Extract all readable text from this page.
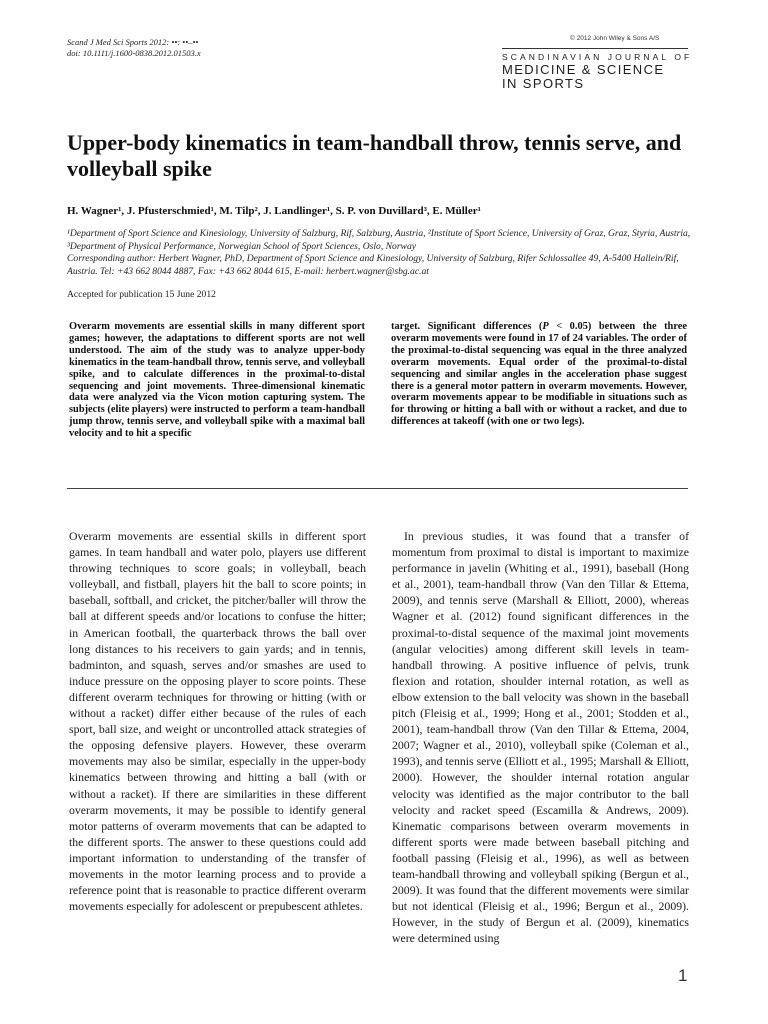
Scand J Med Sci Sports 2012: ••: ••–••
doi: 10.1111/j.1600-0838.2012.01503.x
© 2012 John Wiley & Sons A/S
SCANDINAVIAN JOURNAL OF
MEDICINE & SCIENCE
IN SPORTS
Upper-body kinematics in team-handball throw, tennis serve, and volleyball spike
H. Wagner¹, J. Pfusterschmied¹, M. Tilp², J. Landlinger¹, S. P. von Duvillard³, E. Müller¹

¹Department of Sport Science and Kinesiology, University of Salzburg, Rif, Salzburg, Austria, ²Institute of Sport Science, University of Graz, Graz, Styria, Austria, ³Department of Physical Performance, Norwegian School of Sport Sciences, Oslo, Norway

Corresponding author: Herbert Wagner, PhD, Department of Sport Science and Kinesiology, University of Salzburg, Rifer Schlossallee 49, A-5400 Hallein/Rif, Austria. Tel: +43 662 8044 4887, Fax: +43 662 8044 615, E-mail: herbert.wagner@sbg.ac.at

Accepted for publication 15 June 2012
Overarm movements are essential skills in many different sport games; however, the adaptations to different sports are not well understood. The aim of the study was to analyze upper-body kinematics in the team-handball throw, tennis serve, and volleyball spike, and to calculate differences in the proximal-to-distal sequencing and joint movements. Three-dimensional kinematic data were analyzed via the Vicon motion capturing system. The subjects (elite players) were instructed to perform a team-handball jump throw, tennis serve, and volleyball spike with a maximal ball velocity and to hit a specific
target. Significant differences (P < 0.05) between the three overarm movements were found in 17 of 24 variables. The order of the proximal-to-distal sequencing was equal in the three analyzed overarm movements. Equal order of the proximal-to-distal sequencing and similar angles in the acceleration phase suggest there is a general motor pattern in overarm movements. However, overarm movements appear to be modifiable in situations such as for throwing or hitting a ball with or without a racket, and due to differences at takeoff (with one or two legs).

Overarm movements are essential skills in different sport games. In team handball and water polo, players use different throwing techniques to score goals; in volleyball, beach volleyball, and fistball, players hit the ball to score points; in baseball, softball, and cricket, the pitcher/baller will throw the ball at different speeds and/or locations to confuse the hitter; in American football, the quarterback throws the ball over long distances to his receivers to gain yards; and in tennis, badminton, and squash, serves and/or smashes are used to induce pressure on the opposing player to score points. These different overarm techniques for throwing or hitting (with or without a racket) differ either because of the rules of each sport, ball size, and weight or uncontrolled attack strategies of the opposing defensive players. However, these overarm movements may also be similar, especially in the upper-body kinematics between throwing and hitting a ball (with or without a racket). If there are similarities in these different overarm movements, it may be possible to identify general motor patterns of overarm movements that can be adapted to the different sports. The answer to these questions could add important information to understanding of the transfer of movements in the motor learning process and to provide a reference point that is reasonable to practice different overarm movements especially for adolescent or prepubescent athletes.

In previous studies, it was found that a transfer of momentum from proximal to distal is important to maximize performance in javelin (Whiting et al., 1991), baseball (Hong et al., 2001), team-handball throw (Van den Tillar & Ettema, 2009), and tennis serve (Marshall & Elliott, 2000), whereas Wagner et al. (2012) found significant differences in the proximal-to-distal sequence of the maximal joint movements (angular velocities) among different skill levels in team-handball throwing. A positive influence of pelvis, trunk flexion and rotation, shoulder internal rotation, as well as elbow extension to the ball velocity was shown in the baseball pitch (Fleisig et al., 1999; Hong et al., 2001; Stodden et al., 2001), team-handball throw (Van den Tillar & Ettema, 2004, 2007; Wagner et al., 2010), volleyball spike (Coleman et al., 1993), and tennis serve (Elliott et al., 1995; Marshall & Elliott, 2000). However, the shoulder internal rotation angular velocity was identified as the major contributor to the ball velocity and racket speed (Escamilla & Andrews, 2009). Kinematic comparisons between overarm movements in different sports were made between baseball pitching and football passing (Fleisig et al., 1996), as well as between team-handball throwing and volleyball spiking (Bergun et al., 2009). It was found that the different movements were similar but not identical (Fleisig et al., 1996; Bergun et al., 2009). However, in the study of Bergun et al. (2009), kinematics were determined using

1
